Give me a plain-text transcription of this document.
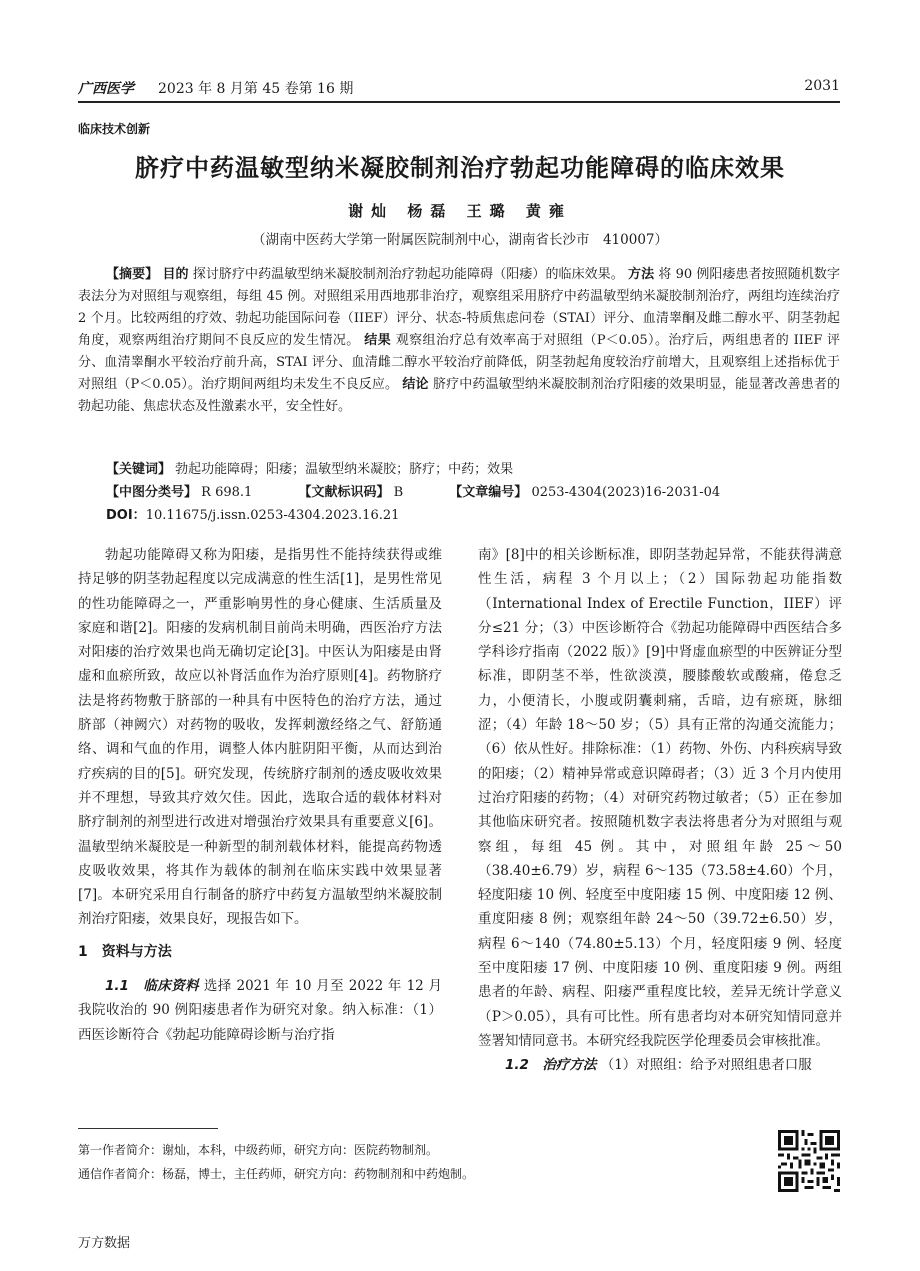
广西医学 2023 年 8 月第 45 卷第 16 期	2031
临床技术创新
脐疗中药温敏型纳米凝胶制剂治疗勃起功能障碍的临床效果
谢灿 杨磊 王璐 黄雍
（湖南中医药大学第一附属医院制剂中心，湖南省长沙市　410007）
【摘要】 目的 探讨脐疗中药温敏型纳米凝胶制剂治疗勃起功能障碍（阳痿）的临床效果。 方法 将 90 例阳痿患者按照随机数字表法分为对照组与观察组，每组 45 例。对照组采用西地那非治疗，观察组采用脐疗中药温敏型纳米凝胶制剂治疗，两组均连续治疗 2 个月。比较两组的疗效、勃起功能国际问卷（IIEF）评分、状态-特质焦虑问卷（STAI）评分、血清睾酮及雌二醇水平、阴茎勃起角度，观察两组治疗期间不良反应的发生情况。 结果 观察组治疗总有效率高于对照组（P＜0.05）。治疗后，两组患者的 IIEF 评分、血清睾酮水平较治疗前升高，STAI 评分、血清雌二醇水平较治疗前降低，阴茎勃起角度较治疗前增大，且观察组上述指标优于对照组（P＜0.05）。治疗期间两组均未发生不良反应。 结论 脐疗中药温敏型纳米凝胶制剂治疗阳痿的效果明显，能显著改善患者的勃起功能、焦虑状态及性激素水平，安全性好。
【关键词】 勃起功能障碍；阳痿；温敏型纳米凝胶；脐疗；中药；效果
【中图分类号】 R 698.1	【文献标识码】 B	【文章编号】 0253-4304(2023)16-2031-04
DOI：10.11675/j.issn.0253-4304.2023.16.21

勃起功能障碍又称为阳痿，是指男性不能持续获得或维持足够的阴茎勃起程度以完成满意的性生活[1]，是男性常见的性功能障碍之一，严重影响男性的身心健康、生活质量及家庭和谐[2]。阳痿的发病机制目前尚未明确，西医治疗方法对阳痿的治疗效果也尚无确切定论[3]。中医认为阳痿是由肾虚和血瘀所致，故应以补肾活血作为治疗原则[4]。药物脐疗法是将药物敷于脐部的一种具有中医特色的治疗方法，通过脐部（神阙穴）对药物的吸收，发挥刺激经络之气、舒筋通络、调和气血的作用，调整人体内脏阴阳平衡，从而达到治疗疾病的目的[5]。研究发现，传统脐疗制剂的透皮吸收效果并不理想，导致其疗效欠佳。因此，选取合适的载体材料对脐疗制剂的剂型进行改进对增强治疗效果具有重要意义[6]。温敏型纳米凝胶是一种新型的制剂载体材料，能提高药物透皮吸收效果，将其作为载体的制剂在临床实践中效果显著[7]。本研究采用自行制备的脐疗中药复方温敏型纳米凝胶制剂治疗阳痿，效果良好，现报告如下。

1　资料与方法

1.1　临床资料 选择 2021 年 10 月至 2022 年 12 月我院收治的 90 例阳痿患者作为研究对象。纳入标准：（1）西医诊断符合《勃起功能障碍诊断与治疗指

南》[8]中的相关诊断标准，即阴茎勃起异常，不能获得满意性生活，病程 3 个月以上；（2）国际勃起功能指数（International Index of Erectile Function，IIEF）评分≤21 分；（3）中医诊断符合《勃起功能障碍中西医结合多学科诊疗指南（2022 版）》[9]中肾虚血瘀型的中医辨证分型标准，即阴茎不举，性欲淡漠，腰膝酸软或酸痛，倦怠乏力，小便清长，小腹或阴囊刺痛，舌暗，边有瘀斑，脉细涩；（4）年龄 18～50 岁；（5）具有正常的沟通交流能力；（6）依从性好。排除标准：（1）药物、外伤、内科疾病导致的阳痿；（2）精神异常或意识障碍者；（3）近 3 个月内使用过治疗阳痿的药物；（4）对研究药物过敏者；（5）正在参加其他临床研究者。按照随机数字表法将患者分为对照组与观察组，每组 45 例。其中，对照组年龄 25～50（38.40±6.79）岁，病程 6～135（73.58±4.60）个月，轻度阳痿 10 例、轻度至中度阳痿 15 例、中度阳痿 12 例、重度阳痿 8 例；观察组年龄 24～50（39.72±6.50）岁，病程 6～140（74.80±5.13）个月，轻度阳痿 9 例、轻度至中度阳痿 17 例、中度阳痿 10 例、重度阳痿 9 例。两组患者的年龄、病程、阳痿严重程度比较，差异无统计学意义（P＞0.05），具有可比性。所有患者均对本研究知情同意并签署知情同意书。本研究经我院医学伦理委员会审核批准。

1.2　治疗方法 （1）对照组：给予对照组患者口服

第一作者简介：谢灿，本科，中级药师，研究方向：医院药物制剂。
通信作者简介：杨磊，博士，主任药师，研究方向：药物制剂和中药炮制。
万方数据
